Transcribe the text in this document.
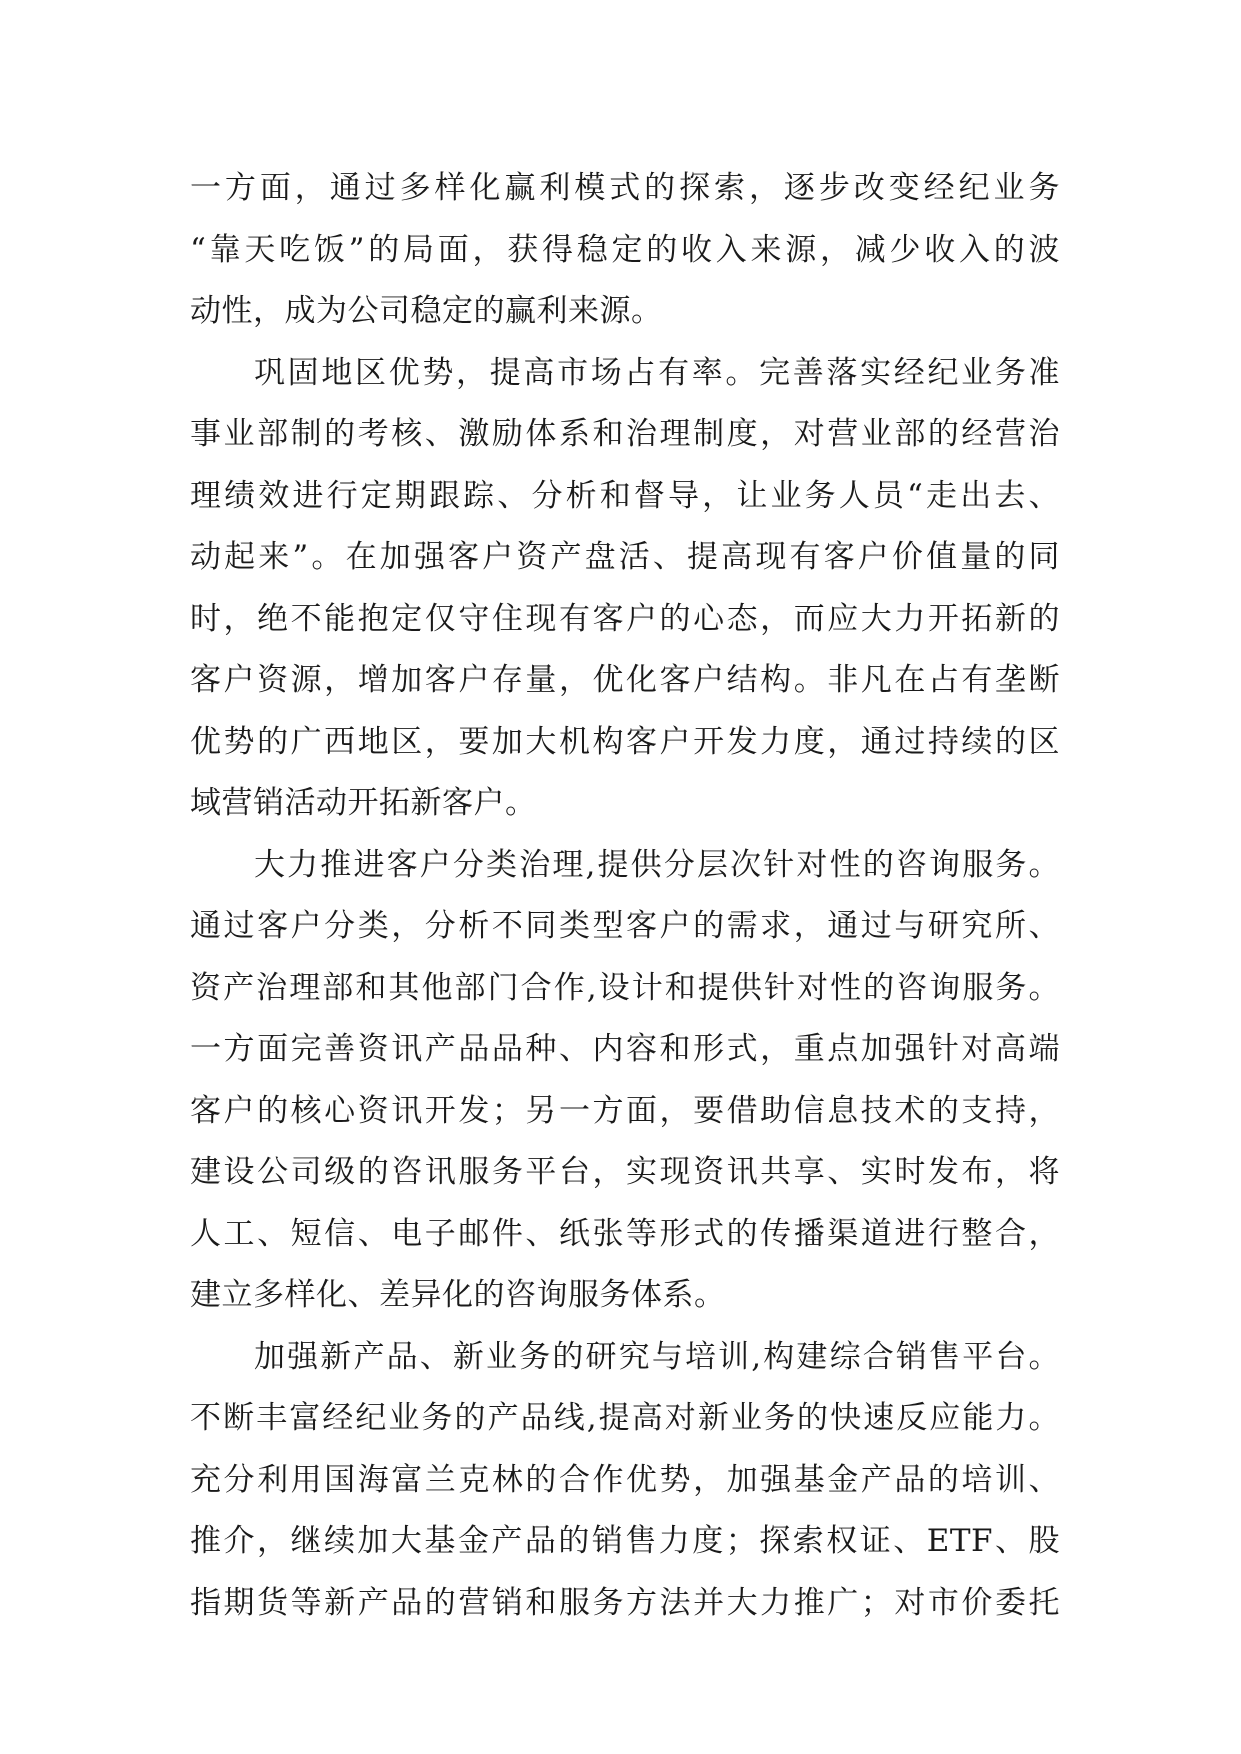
一方面，通过多样化赢利模式的探索，逐步改变经纪业务
“靠天吃饭”的局面，获得稳定的收入来源，减少收入的波
动性，成为公司稳定的赢利来源。
巩固地区优势，提高市场占有率。完善落实经纪业务准
事业部制的考核、激励体系和治理制度，对营业部的经营治
理绩效进行定期跟踪、分析和督导，让业务人员“走出去、
动起来”。在加强客户资产盘活、提高现有客户价值量的同
时，绝不能抱定仅守住现有客户的心态，而应大力开拓新的
客户资源，增加客户存量，优化客户结构。非凡在占有垄断
优势的广西地区，要加大机构客户开发力度，通过持续的区
域营销活动开拓新客户。
大力推进客户分类治理,提供分层次针对性的咨询服务。
通过客户分类，分析不同类型客户的需求，通过与研究所、
资产治理部和其他部门合作,设计和提供针对性的咨询服务。
一方面完善资讯产品品种、内容和形式，重点加强针对高端
客户的核心资讯开发；另一方面，要借助信息技术的支持，
建设公司级的咨讯服务平台，实现资讯共享、实时发布，将
人工、短信、电子邮件、纸张等形式的传播渠道进行整合，
建立多样化、差异化的咨询服务体系。
加强新产品、新业务的研究与培训,构建综合销售平台。
不断丰富经纪业务的产品线,提高对新业务的快速反应能力。
充分利用国海富兰克林的合作优势，加强基金产品的培训、
推介，继续加大基金产品的销售力度；探索权证、ETF、股
指期货等新产品的营销和服务方法并大力推广；对市价委托
